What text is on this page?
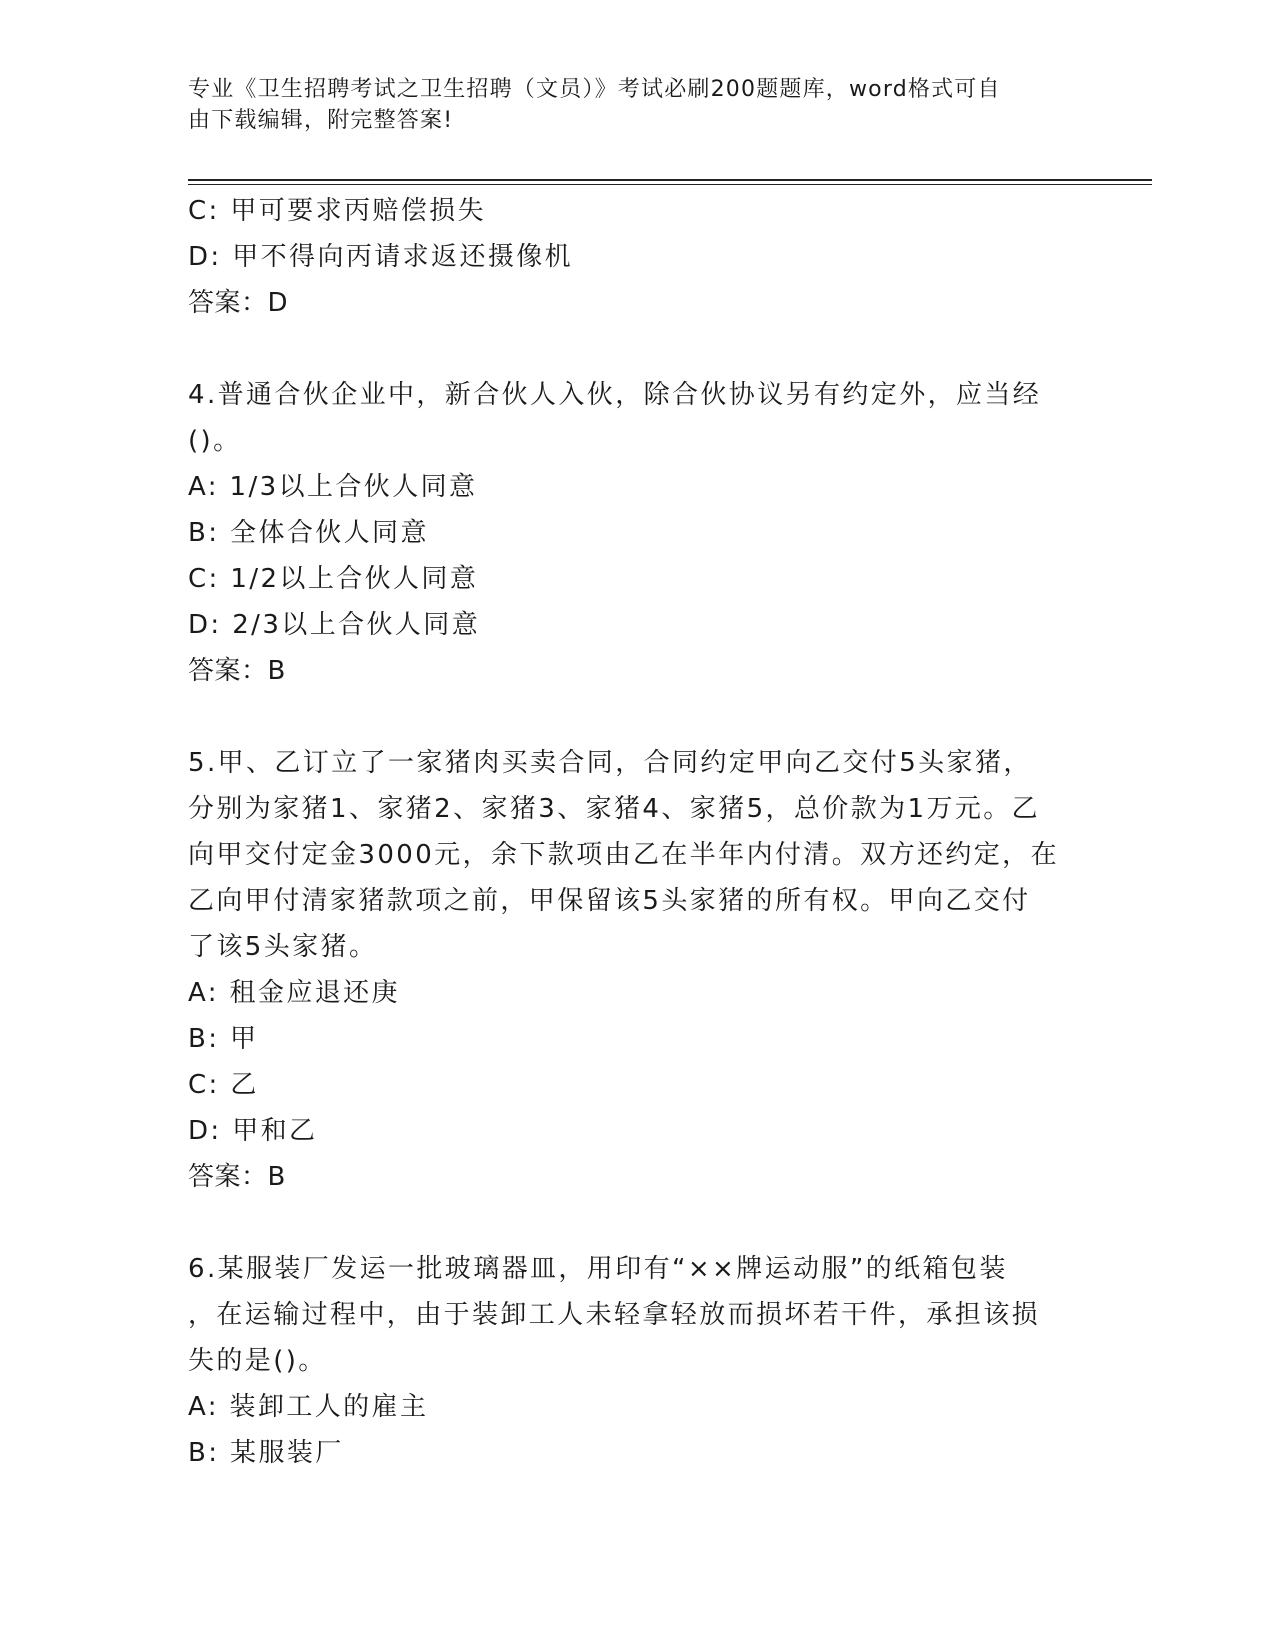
专业《卫生招聘考试之卫生招聘（文员）》考试必刷200题题库，word格式可自
由下载编辑，附完整答案!
C: 甲可要求丙赔偿损失
D: 甲不得向丙请求返还摄像机
答案：D
4.普通合伙企业中，新合伙人入伙，除合伙协议另有约定外，应当经
()。
A: 1/3以上合伙人同意
B: 全体合伙人同意
C: 1/2以上合伙人同意
D: 2/3以上合伙人同意
答案：B
5.甲、乙订立了一家猪肉买卖合同，合同约定甲向乙交付5头家猪，
分别为家猪1、家猪2、家猪3、家猪4、家猪5，总价款为1万元。乙
向甲交付定金3000元，余下款项由乙在半年内付清。双方还约定，在
乙向甲付清家猪款项之前，甲保留该5头家猪的所有权。甲向乙交付
了该5头家猪。
A: 租金应退还庚
B: 甲
C: 乙
D: 甲和乙
答案：B
6.某服装厂发运一批玻璃器皿，用印有“××牌运动服”的纸箱包装
，在运输过程中，由于装卸工人未轻拿轻放而损坏若干件，承担该损
失的是()。
A: 装卸工人的雇主
B: 某服装厂
